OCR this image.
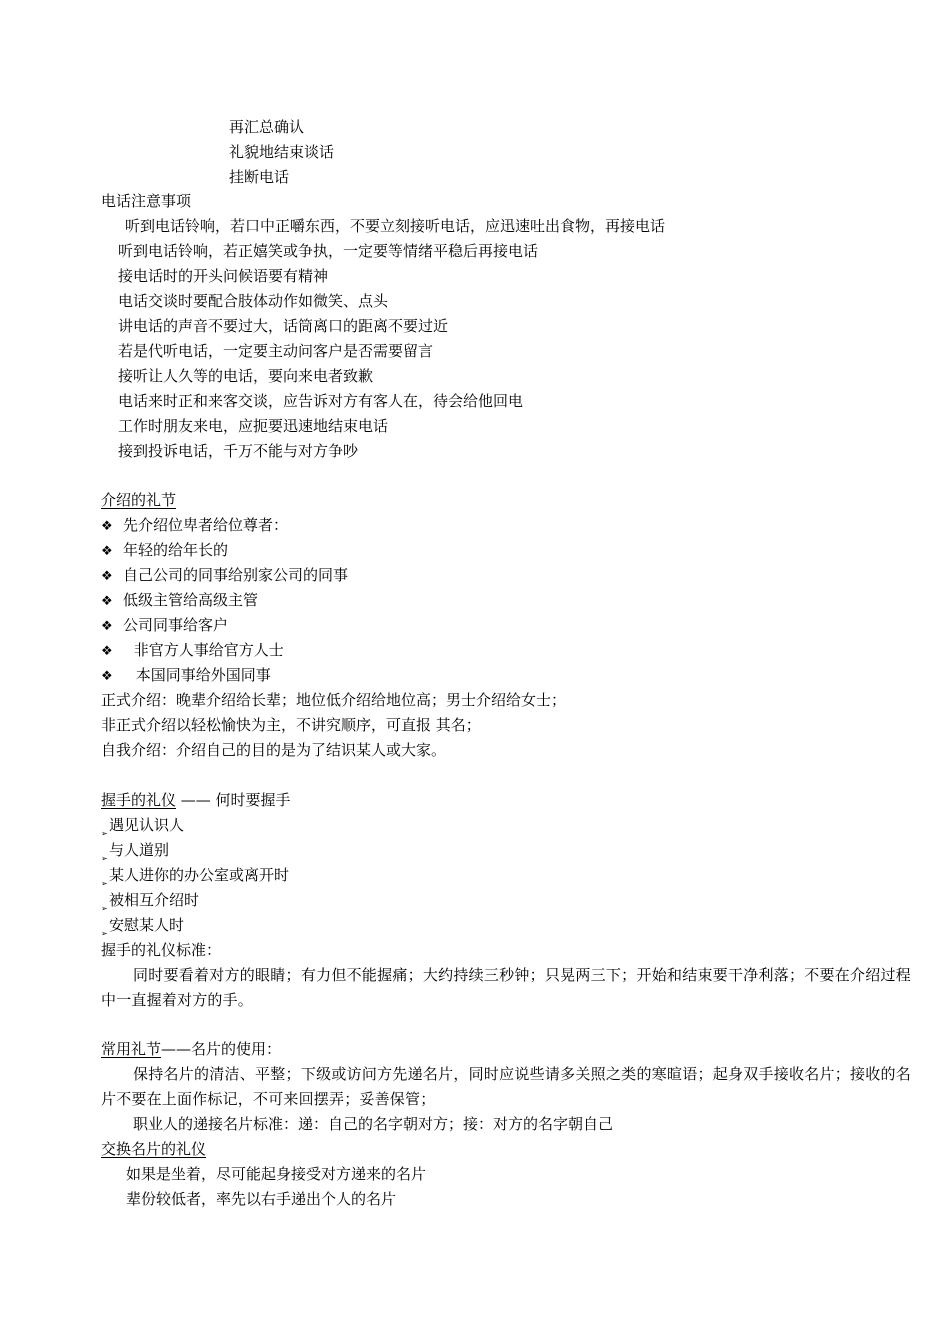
再汇总确认
礼貌地结束谈话
挂断电话
电话注意事项
听到电话铃响，若口中正嚼东西，不要立刻接听电话，应迅速吐出食物，再接电话
听到电话铃响，若正嬉笑或争执，一定要等情绪平稳后再接电话
接电话时的开头问候语要有精神
电话交谈时要配合肢体动作如微笑、点头
讲电话的声音不要过大，话筒离口的距离不要过近
若是代听电话，一定要主动问客户是否需要留言
接听让人久等的电话，要向来电者致歉
电话来时正和来客交谈，应告诉对方有客人在，待会给他回电
工作时朋友来电，应扼要迅速地结束电话
接到投诉电话，千万不能与对方争吵
介绍的礼节
❖ 先介绍位卑者给位尊者：
❖ 年轻的给年长的
❖ 自己公司的同事给别家公司的同事
❖ 低级主管给高级主管
❖ 公司同事给客户
❖ 非官方人事给官方人士
❖ 本国同事给外国同事
正式介绍：晚辈介绍给长辈；地位低介绍给地位高；男士介绍给女士；
非正式介绍以轻松愉快为主，不讲究顺序，可直报 其名；
自我介绍：介绍自己的目的是为了结识某人或大家。
握手的礼仪 —— 何时要握手
➢遇见认识人
➢与人道别
➢某人进你的办公室或离开时
➢被相互介绍时
➢安慰某人时
握手的礼仪标准：
同时要看着对方的眼睛；有力但不能握痛；大约持续三秒钟；只晃两三下；开始和结束要干净利落；不要在介绍过程中一直握着对方的手。
常用礼节——名片的使用：
保持名片的清洁、平整；下级或访问方先递名片，同时应说些请多关照之类的寒暄语；起身双手接收名片；接收的名片不要在上面作标记，不可来回摆弄；妥善保管；
职业人的递接名片标准：递：自己的名字朝对方；接：对方的名字朝自己
交换名片的礼仪
如果是坐着，尽可能起身接受对方递来的名片
辈份较低者，率先以右手递出个人的名片
